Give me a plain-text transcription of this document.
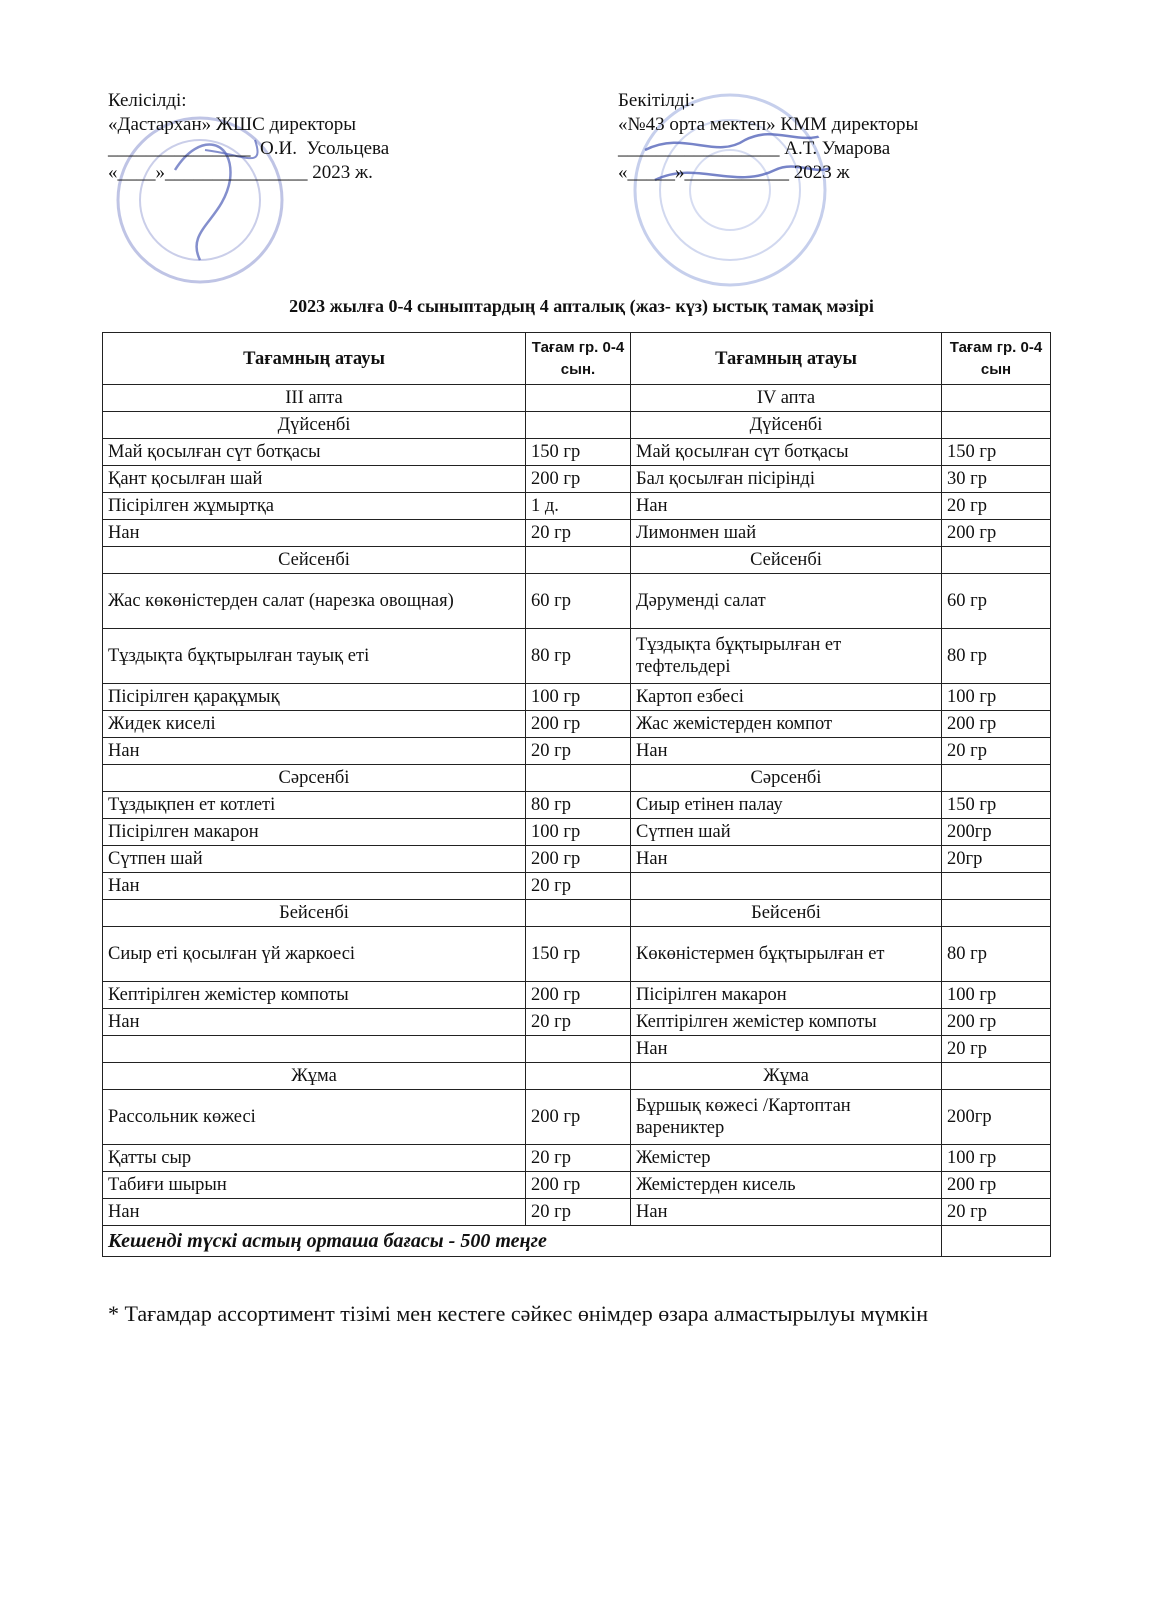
Келісілді:
«Дастархан» ЖШС директоры
_______________  О.И.  Усольцева
«____»_______________ 2023 ж.
Бекітілді:
«№43 орта мектеп» КММ директоры
_________________ А.Т. Умарова
«_____»___________ 2023 ж
2023 жылға 0-4 сыныптардың 4 апталық (жаз- күз) ыстық тамақ мәзірі
Тағамның атауы	Тағам гр. 0-4 сын.	Тағамның атауы	Тағам гр. 0-4 сын
III апта		IV апта	
Дүйсенбі		Дүйсенбі	
Май қосылған сүт ботқасы	150 гр	Май қосылған сүт ботқасы	150 гр
Қант қосылған шай	200 гр	Бал қосылған пісірінді	30 гр
Пісірілген жұмыртқа	1 д.	Нан	20 гр
Нан	20 гр	Лимонмен шай	200 гр
Сейсенбі		Сейсенбі	
Жас көкөністерден салат (нарезка овощная)	60 гр	Дәруменді салат	60 гр
Тұздықта бұқтырылған тауық еті	80 гр	Тұздықта бұқтырылған ет тефтельдері	80 гр
Пісірілген қарақұмық	100 гр	Картоп езбесі	100 гр
Жидек киселі	200 гр	Жас жемістерден компот	200 гр
Нан	20 гр	Нан	20 гр
Сәрсенбі		Сәрсенбі	
Тұздықпен ет котлеті	80 гр	Сиыр етінен палау	150 гр
Пісірілген макарон	100 гр	Сүтпен шай	200гр
Сүтпен шай	200 гр	Нан	20гр
Нан	20 гр		
Бейсенбі		Бейсенбі	
Сиыр еті қосылған үй жаркоесі	150 гр	Көкөністермен бұқтырылған ет	80 гр
Кептірілген жемістер компоты	200 гр	Пісірілген макарон	100 гр
Нан	20 гр	Кептірілген жемістер компоты	200 гр
		Нан	20 гр
Жұма		Жұма	
Рассольник көжесі	200 гр	Бұршық көжесі /Картоптан варениктер	200гр
Қатты сыр	20 гр	Жемістер	100 гр
Табиғи шырын	200 гр	Жемістерден кисель	200 гр
Нан	20 гр	Нан	20 гр
Кешенді түскі астың орташа бағасы - 500 теңге			
* Тағамдар ассортимент тізімі мен кестеге сәйкес өнімдер өзара алмастырылуы мүмкін
